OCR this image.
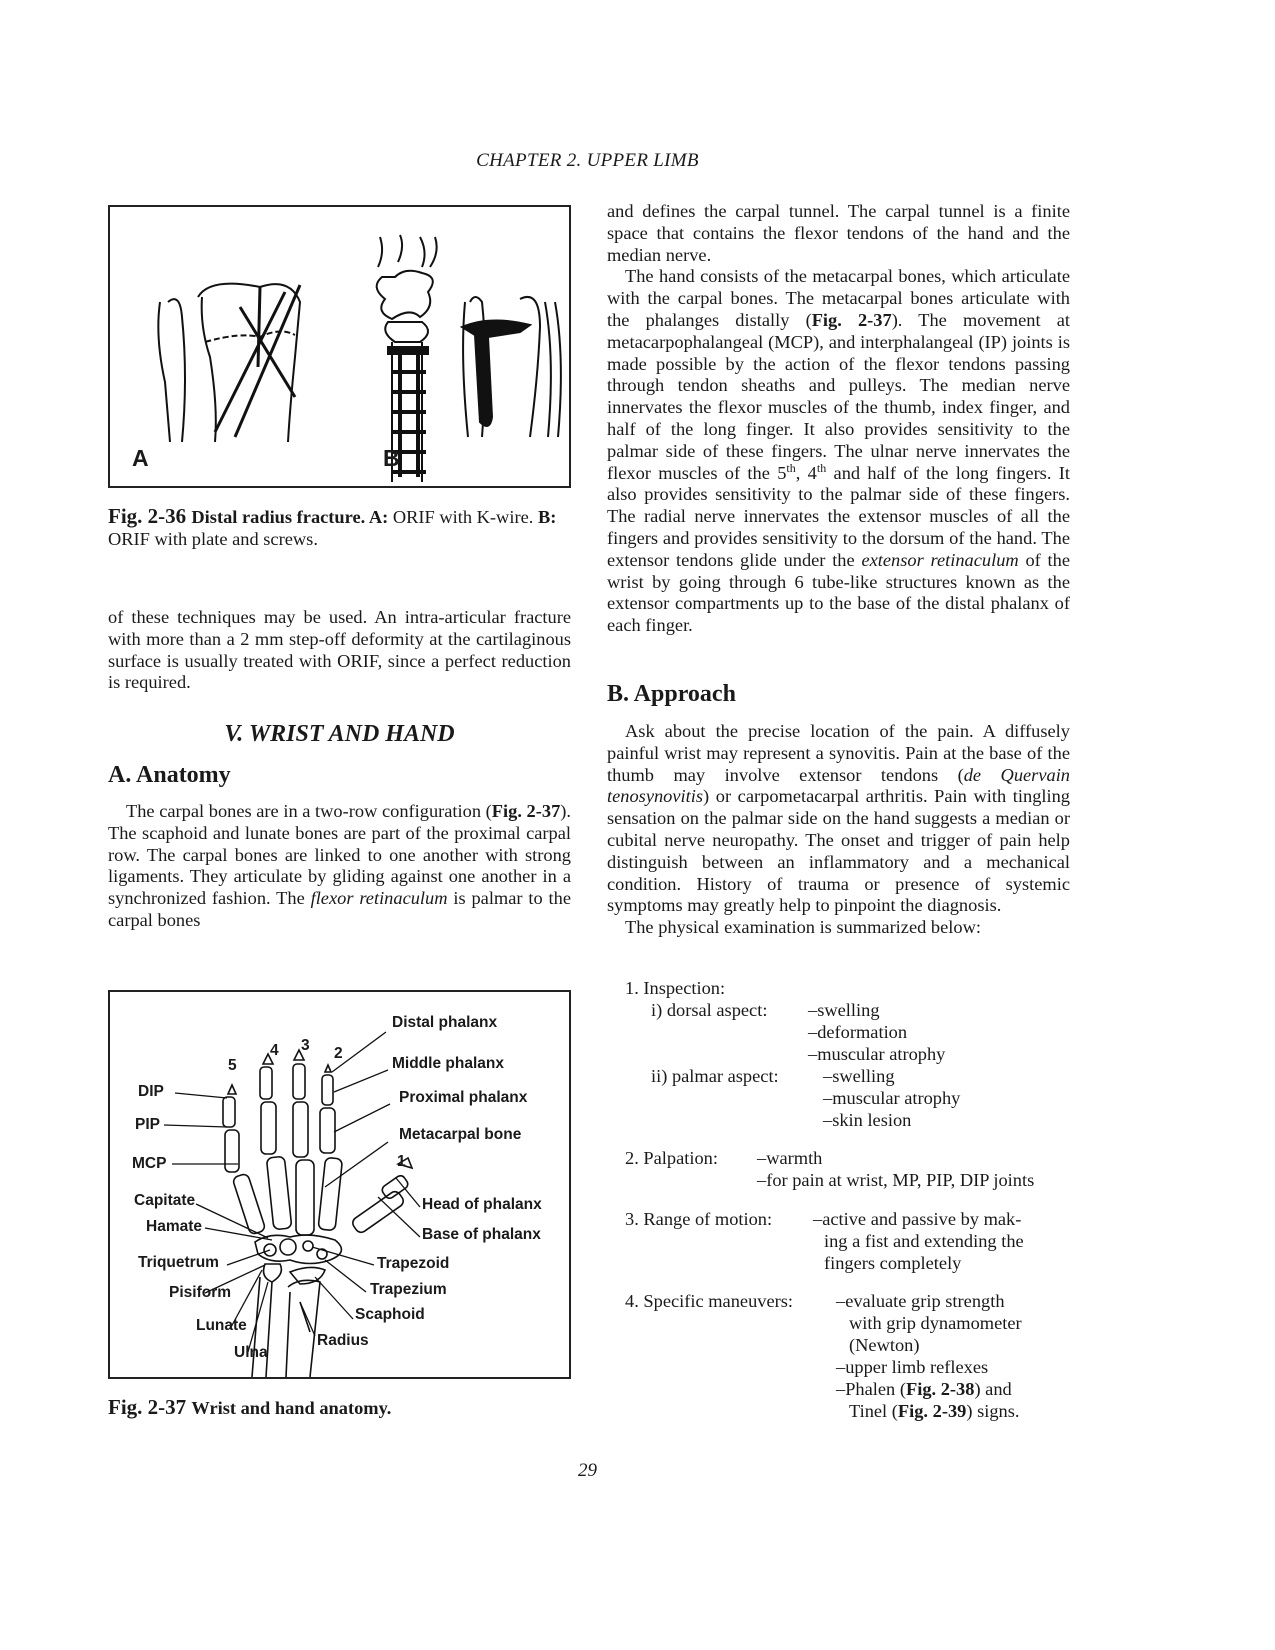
CHAPTER 2. UPPER LIMB
A	B
Fig. 2-36 Distal radius fracture. A: ORIF with K-wire. B: ORIF with plate and screws.

of these techniques may be used. An intra-articular fracture with more than a 2 mm step-off deformity at the cartilaginous surface is usually treated with ORIF, since a perfect reduction is required.

V. WRIST AND HAND
A. Anatomy

The carpal bones are in a two-row configuration (Fig. 2-37). The scaphoid and lunate bones are part of the proximal carpal row. The carpal bones are linked to one another with strong ligaments. They articulate by gliding against one another in a synchronized fashion. The flexor retinaculum is palmar to the carpal bones

Distal phalanx
Middle phalanx
Proximal phalanx
Metacarpal bone
1
Head of phalanx
Base of phalanx
Trapezoid
Trapezium
Scaphoid
Radius
Ulna
Lunate
Pisiform
Triquetrum
Hamate
Capitate
MCP
PIP
DIP
5
4 3 2
Fig. 2-37 Wrist and hand anatomy.

and defines the carpal tunnel. The carpal tunnel is a finite space that contains the flexor tendons of the hand and the median nerve.

The hand consists of the metacarpal bones, which articulate with the carpal bones. The metacarpal bones articulate with the phalanges distally (Fig. 2-37). The movement at metacarpophalangeal (MCP), and interphalangeal (IP) joints is made possible by the action of the flexor tendons passing through tendon sheaths and pulleys. The median nerve innervates the flexor muscles of the thumb, index finger, and half of the long finger. It also provides sensitivity to the palmar side of these fingers. The ulnar nerve innervates the flexor muscles of the 5th, 4th and half of the long fingers. It also provides sensitivity to the palmar side of these fingers. The radial nerve innervates the extensor muscles of all the fingers and provides sensitivity to the dorsum of the hand. The extensor tendons glide under the extensor retinaculum of the wrist by going through 6 tube-like structures known as the extensor compartments up to the base of the distal phalanx of each finger.

B. Approach

Ask about the precise location of the pain. A diffusely painful wrist may represent a synovitis. Pain at the base of the thumb may involve extensor tendons (de Quervain tenosynovitis) or carpometacarpal arthritis. Pain with tingling sensation on the palmar side on the hand suggests a median or cubital nerve neuropathy. The onset and trigger of pain help distinguish between an inflammatory and a mechanical condition. History of trauma or presence of systemic symptoms may greatly help to pinpoint the diagnosis.

The physical examination is summarized below:

1. Inspection:
i) dorsal aspect: –swelling
–deformation
–muscular atrophy
ii) palmar aspect: –swelling
–muscular atrophy
–skin lesion
2. Palpation: –warmth
–for pain at wrist, MP, PIP, DIP joints
3. Range of motion: –active and passive by mak-
ing a fist and extending the
fingers completely
4. Specific maneuvers: –evaluate grip strength
with grip dynamometer
(Newton)
–upper limb reflexes
–Phalen (Fig. 2-38) and
Tinel (Fig. 2-39) signs.
29
